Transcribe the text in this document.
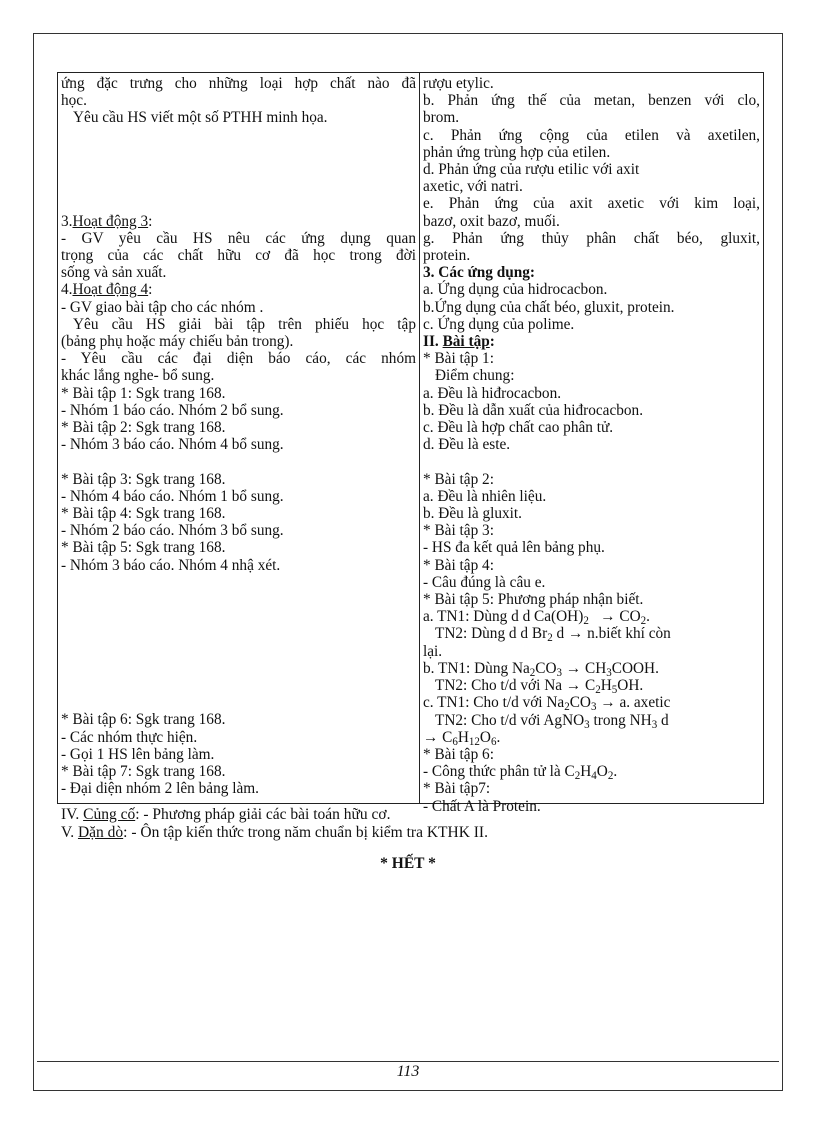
ứng đặc trưng cho những loại hợp chất nào đã
học.
Yêu cầu HS viết một số PTHH minh họa.
3.Hoạt động 3:
- GV yêu cầu HS nêu các ứng dụng quan
trọng của các chất hữu cơ đã học trong đời
sống và sản xuất.
4.Hoạt động 4:
- GV giao bài tập cho các nhóm .
Yêu cầu HS giải bài tập trên phiếu học tập
(bảng phụ hoặc máy chiếu bản trong).
- Yêu cầu các đại diện báo cáo, các nhóm
khác lắng nghe- bổ sung.
* Bài tập 1: Sgk trang 168.
- Nhóm 1 báo cáo. Nhóm 2 bổ sung.
* Bài tập 2: Sgk trang 168.
- Nhóm 3 báo cáo. Nhóm 4 bổ sung.
* Bài tập 3: Sgk trang 168.
- Nhóm 4 báo cáo. Nhóm 1 bổ sung.
* Bài tập 4: Sgk trang 168.
- Nhóm 2 báo cáo. Nhóm 3 bổ sung.
* Bài tập 5: Sgk trang 168.
- Nhóm 3 báo cáo. Nhóm 4 nhậ xét.
* Bài tập 6: Sgk trang 168.
- Các nhóm thực hiện.
- Gọi 1 HS lên bảng làm.
* Bài tập 7: Sgk trang 168.
- Đại diện nhóm 2 lên bảng làm.
rượu etylic.
b. Phản ứng thế của metan, benzen với clo,
brom.
c. Phản ứng cộng của etilen và axetilen,
phản ứng trùng hợp của etilen.
d. Phản ứng của rượu etilic với axit
axetic, với natri.
e. Phản ứng của axit axetic với kim loại,
bazơ, oxit bazơ, muối.
g. Phản ứng thủy phân chất béo, gluxit,
protein.
3. Các ứng dụng:
a. Ứng dụng của hidrocacbon.
b.Ứng dụng của chất béo, gluxit, protein.
c. Ứng dụng của polime.
II. Bài tập:
* Bài tập 1:
Điểm chung:
a. Đều là hiđrocacbon.
b. Đều là dẫn xuất của hiđrocacbon.
c. Đều là hợp chất cao phân tử.
d. Đều là este.
* Bài tập 2:
a. Đều là nhiên liệu.
b. Đều là gluxit.
* Bài tập 3:
- HS đa kết quả lên bảng phụ.
* Bài tập 4:
- Câu đúng là câu e.
* Bài tập 5: Phương pháp nhận biết.
a. TN1: Dùng d d $Ca(OH)_2 \to CO_2$.
TN2: Dùng d d $Br_2$ d → n.biết khí còn
lại.
b. TN1: Dùng $Na_2CO_3$ → $CH_3COOH$.
TN2: Cho t/d với $Na \to C_2H_5OH$.
c. TN1: Cho t/d với $Na_2CO_3 \to a$. axetic
TN2: Cho t/d với AgNO$_3$ trong $NH_3$ d
→ $C_6H_{12}O_6$.
* Bài tập 6:
- Công thức phân tử là $C_2H_4O_2$.
* Bài tập7:
- Chất A là Protein.
IV. Củng cố: - Phương pháp giải các bài toán hữu cơ.
V. Dặn dò: - Ôn tập kiến thức trong năm chuẩn bị kiểm tra KTHK II.
* HẾT *
113
